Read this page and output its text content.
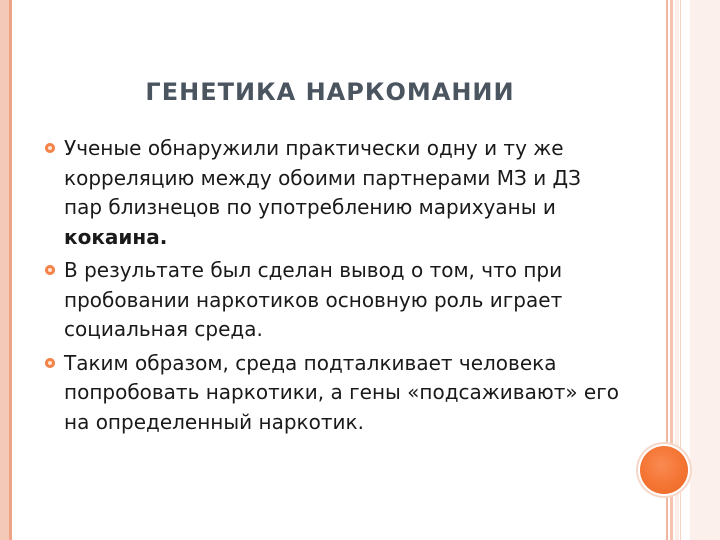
ГЕНЕТИКА НАРКОМАНИИ
Ученые обнаружили практически одну и ту же корреляцию между обоими партнерами МЗ и ДЗ пар близнецов по употреблению марихуаны и кокаина.
В результате был сделан вывод о том, что при пробовании наркотиков основную роль играет социальная среда.
Таким образом, среда подталкивает человека попробовать наркотики, а гены «подсаживают» его на определенный наркотик.
